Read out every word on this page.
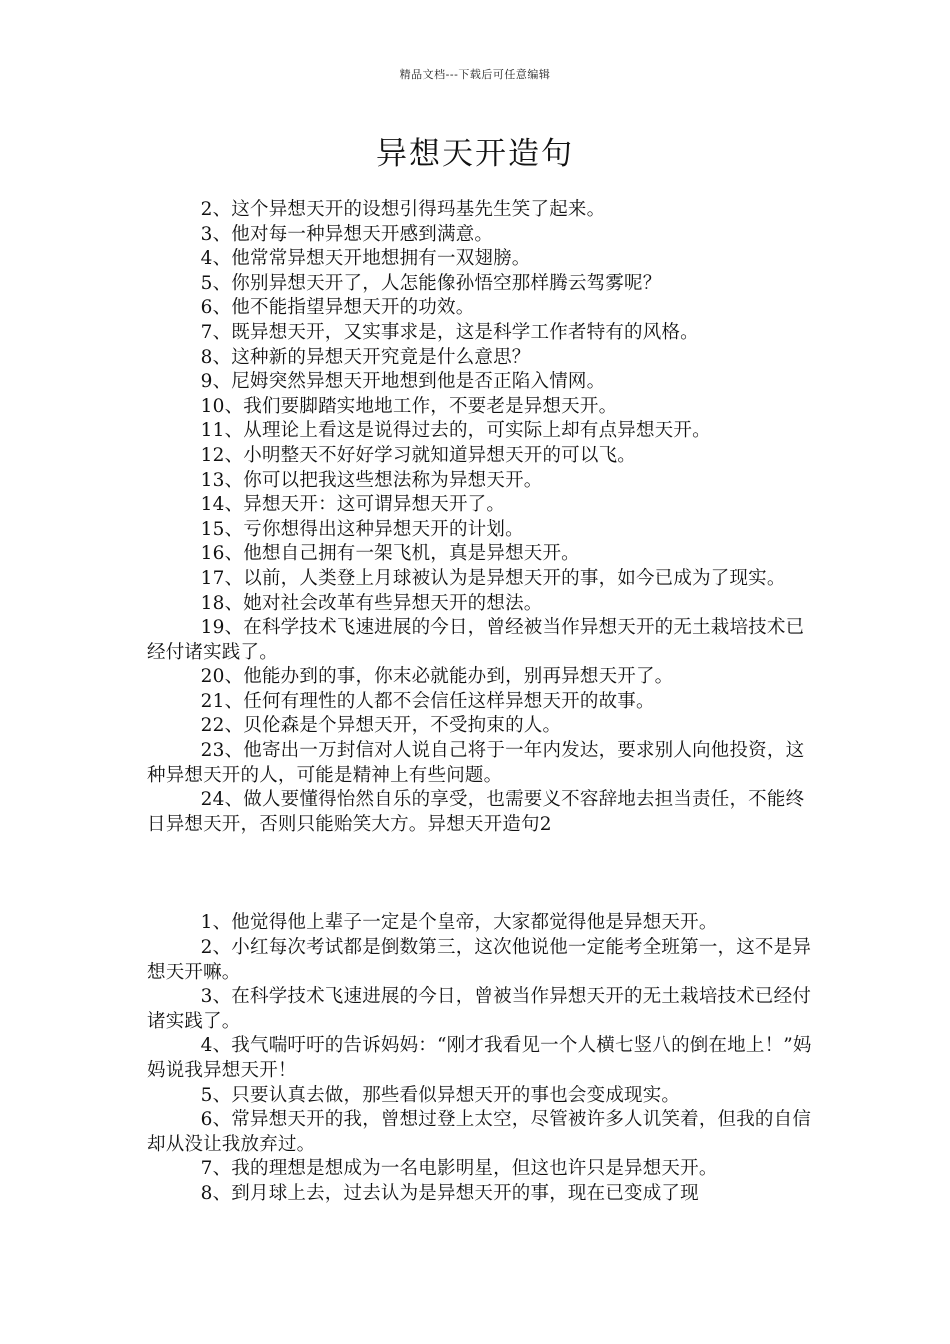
精品文档---下载后可任意编辑
异想天开造句

2、这个异想天开的设想引得玛基先生笑了起来。

3、他对每一种异想天开感到满意。

4、他常常异想天开地想拥有一双翅膀。

5、你别异想天开了，人怎能像孙悟空那样腾云驾雾呢？

6、他不能指望异想天开的功效。

7、既异想天开，又实事求是，这是科学工作者特有的风格。

8、这种新的异想天开究竟是什么意思？

9、尼姆突然异想天开地想到他是否正陷入情网。

10、我们要脚踏实地地工作，不要老是异想天开。

11、从理论上看这是说得过去的，可实际上却有点异想天开。

12、小明整天不好好学习就知道异想天开的可以飞。

13、你可以把我这些想法称为异想天开。

14、异想天开：这可谓异想天开了。

15、亏你想得出这种异想天开的计划。

16、他想自己拥有一架飞机，真是异想天开。

17、以前，人类登上月球被认为是异想天开的事，如今已成为了现实。

18、她对社会改革有些异想天开的想法。

19、在科学技术飞速进展的今日，曾经被当作异想天开的无土栽培技术已经付诸实践了。

20、他能办到的事，你末必就能办到，别再异想天开了。

21、任何有理性的人都不会信任这样异想天开的故事。

22、贝伦森是个异想天开，不受拘束的人。

23、他寄出一万封信对人说自己将于一年内发达，要求别人向他投资，这种异想天开的人，可能是精神上有些问题。

24、做人要懂得怡然自乐的享受，也需要义不容辞地去担当责任，不能终日异想天开，否则只能贻笑大方。异想天开造句2

1、他觉得他上辈子一定是个皇帝，大家都觉得他是异想天开。

2、小红每次考试都是倒数第三，这次他说他一定能考全班第一，这不是异想天开嘛。

3、在科学技术飞速进展的今日，曾被当作异想天开的无土栽培技术已经付诸实践了。

4、我气喘吁吁的告诉妈妈：“刚才我看见一个人横七竖八的倒在地上！”妈妈说我异想天开！

5、只要认真去做，那些看似异想天开的事也会变成现实。

6、常异想天开的我，曾想过登上太空，尽管被许多人讥笑着，但我的自信却从没让我放弃过。

7、我的理想是想成为一名电影明星，但这也许只是异想天开。

8、到月球上去，过去认为是异想天开的事，现在已变成了现
